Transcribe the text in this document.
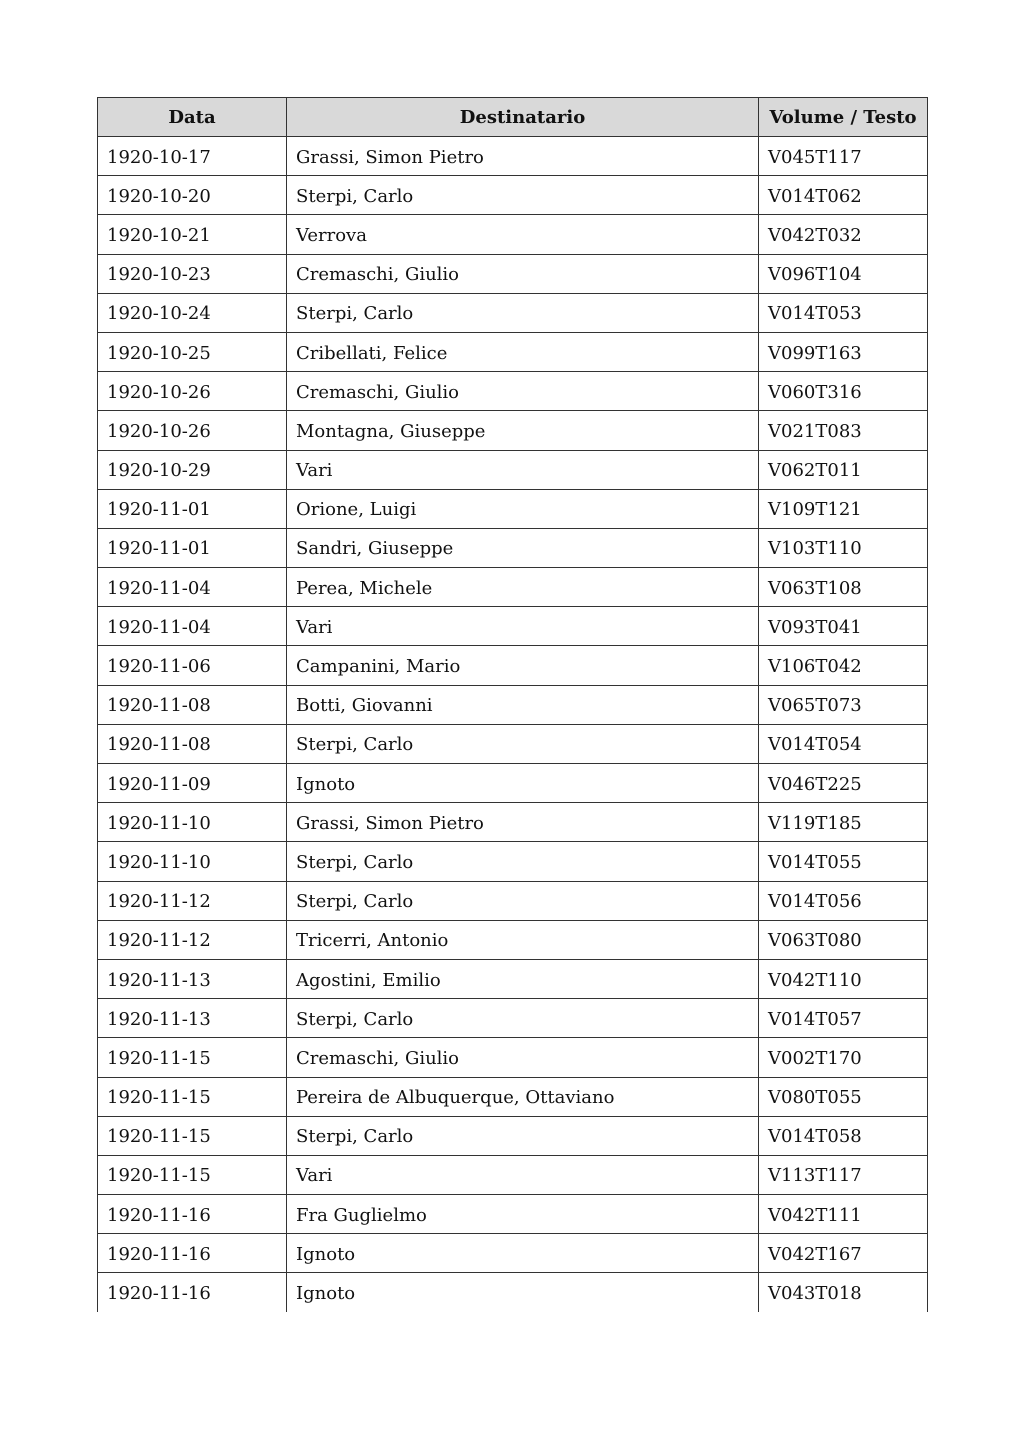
Data	Destinatario	Volume / Testo
1920-10-17	Grassi, Simon Pietro	V045T117
1920-10-20	Sterpi, Carlo	V014T062
1920-10-21	Verrova	V042T032
1920-10-23	Cremaschi, Giulio	V096T104
1920-10-24	Sterpi, Carlo	V014T053
1920-10-25	Cribellati, Felice	V099T163
1920-10-26	Cremaschi, Giulio	V060T316
1920-10-26	Montagna, Giuseppe	V021T083
1920-10-29	Vari	V062T011
1920-11-01	Orione, Luigi	V109T121
1920-11-01	Sandri, Giuseppe	V103T110
1920-11-04	Perea, Michele	V063T108
1920-11-04	Vari	V093T041
1920-11-06	Campanini, Mario	V106T042
1920-11-08	Botti, Giovanni	V065T073
1920-11-08	Sterpi, Carlo	V014T054
1920-11-09	Ignoto	V046T225
1920-11-10	Grassi, Simon Pietro	V119T185
1920-11-10	Sterpi, Carlo	V014T055
1920-11-12	Sterpi, Carlo	V014T056
1920-11-12	Tricerri, Antonio	V063T080
1920-11-13	Agostini, Emilio	V042T110
1920-11-13	Sterpi, Carlo	V014T057
1920-11-15	Cremaschi, Giulio	V002T170
1920-11-15	Pereira de Albuquerque, Ottaviano	V080T055
1920-11-15	Sterpi, Carlo	V014T058
1920-11-15	Vari	V113T117
1920-11-16	Fra Guglielmo	V042T111
1920-11-16	Ignoto	V042T167
1920-11-16	Ignoto	V043T018
